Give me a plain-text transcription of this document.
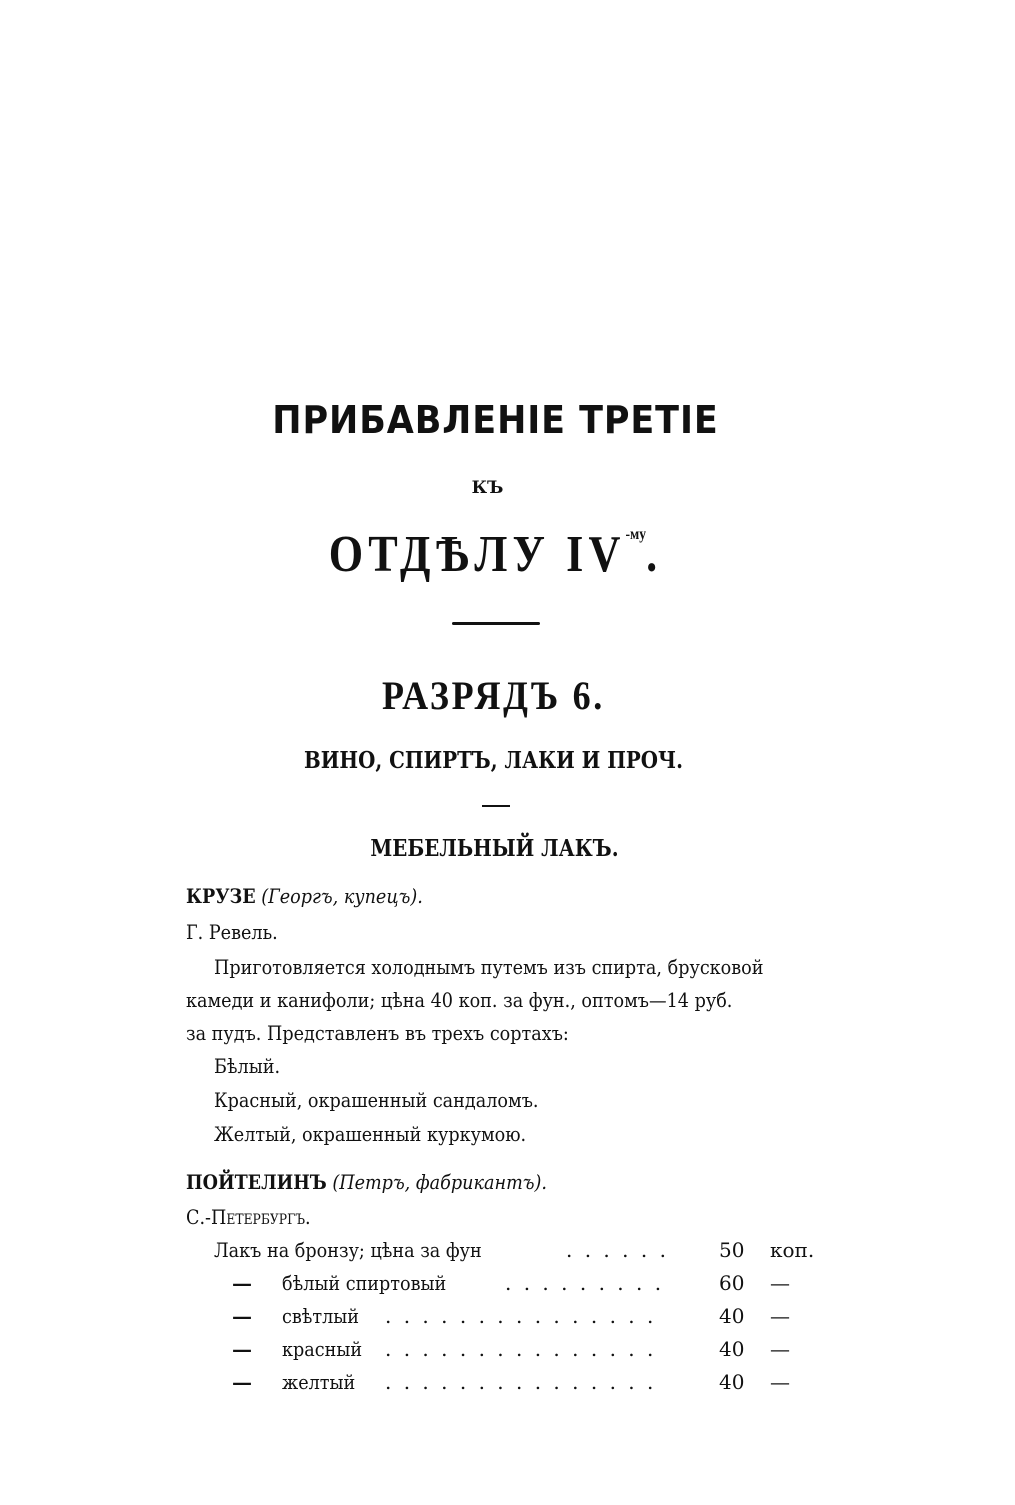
ПРИБАВЛЕНІЕ ТРЕТІЕ
КЪ
ОТДѢЛУ $IV^{-му}$.
РАЗРЯДЪ 6.
ВИНО, СПИРТЪ, ЛАКИ И ПРОЧ.
МЕБЕЛЬНЫЙ ЛАКЪ.
КРУЗЕ (Георгъ, купецъ).
Г. Ревель.
Приготовляется холоднымъ путемъ изъ спирта, брусковой
камеди и канифоли; цѣна 40 коп. за фун., оптомъ—14 руб.
за пудъ. Представленъ въ трехъ сортахъ:
Бѣлый.
Красный, окрашенный сандаломъ.
Желтый, окрашенный куркумою.
ПОЙТЕЛИНЪ (Петръ, фабрикантъ).
С.-Петербургъ.
Лакъ на бронзу; цѣна за фун	. . . . . .	50 коп.
— бѣлый спиртовый	. . . . . . . . .	60 —
— свѣтлый . . . . . . . . . . . . . . .	40 —
— красный . . . . . . . . . . . . . . .	40 —
— желтый . . . . . . . . . . . . . . .	40 —
